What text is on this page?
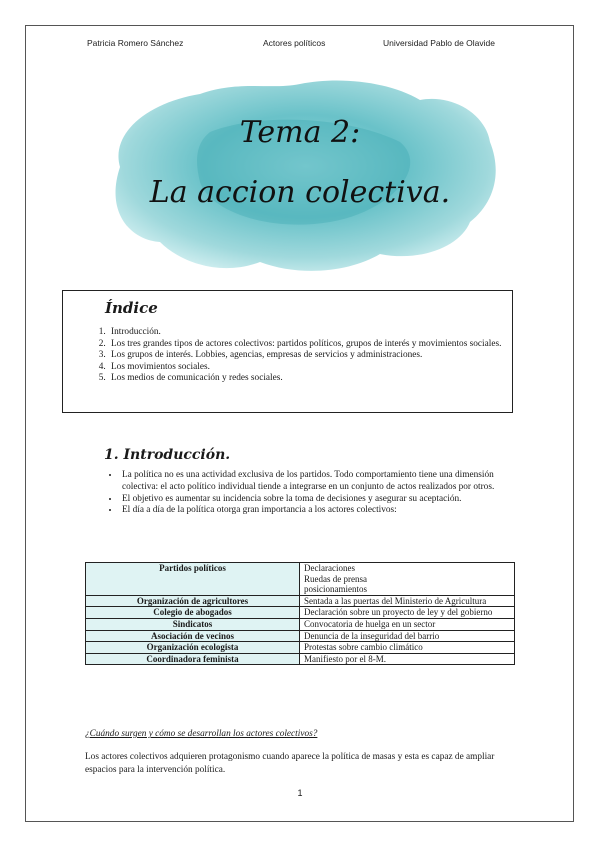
Patricia Romero Sánchez	Actores políticos	Universidad Pablo de Olavide
Tema 2:
La accion colectiva.
Índice
1. Introducción.
2. Los tres grandes tipos de actores colectivos: partidos políticos, grupos de interés y movimientos sociales.
3. Los grupos de interés. Lobbies, agencias, empresas de servicios y administraciones.
4. Los movimientos sociales.
5. Los medios de comunicación y redes sociales.
1. Introducción.
• La política no es una actividad exclusiva de los partidos. Todo comportamiento tiene una dimensión colectiva: el acto político individual tiende a integrarse en un conjunto de actos realizados por otros.
• El objetivo es aumentar su incidencia sobre la toma de decisiones y asegurar su aceptación.
• El día a día de la política otorga gran importancia a los actores colectivos:
Partidos políticos	Declaraciones
Ruedas de prensa
posicionamientos
Organización de agricultores	Sentada a las puertas del Ministerio de Agricultura
Colegio de abogados	Declaración sobre un proyecto de ley y del gobierno
Sindicatos	Convocatoria de huelga en un sector
Asociación de vecinos	Denuncia de la inseguridad del barrio
Organización ecologista	Protestas sobre cambio climático
Coordinadora feminista	Manifiesto por el 8-M.
¿Cuándo surgen y cómo se desarrollan los actores colectivos?
Los actores colectivos adquieren protagonismo cuando aparece la política de masas y esta es capaz de ampliar espacios para la intervención política.
1
